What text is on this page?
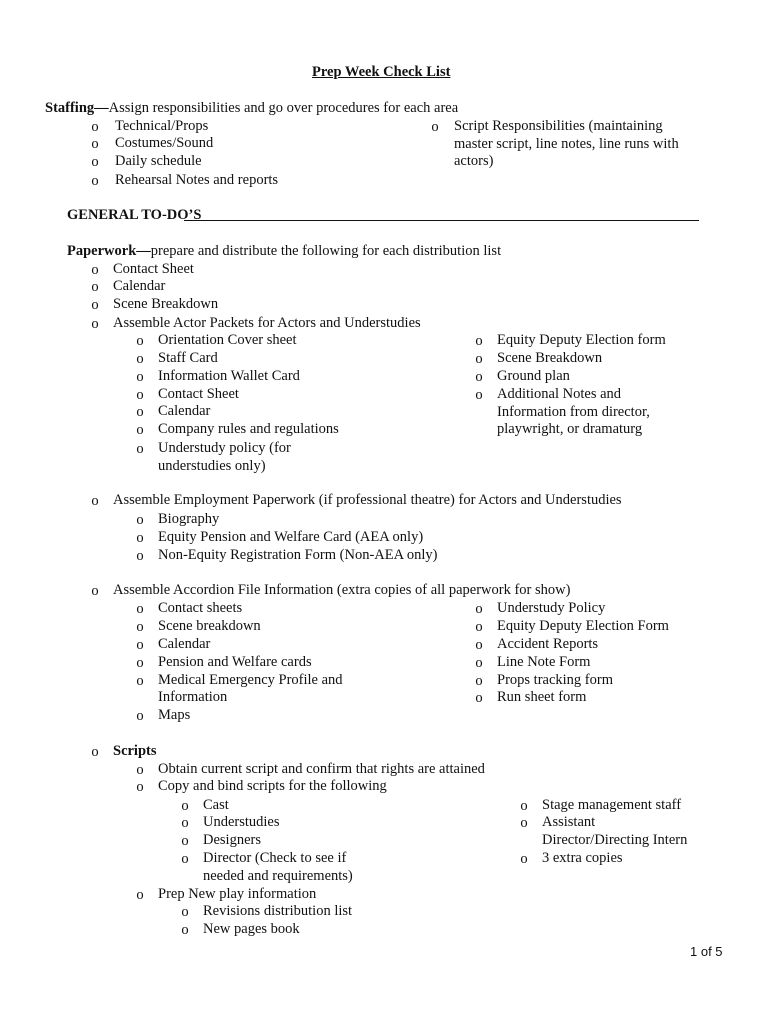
Prep Week Check List
Staffing—Assign responsibilities and go over procedures for each area
o Technical/Props
o Costumes/Sound
o Daily schedule
o Rehearsal Notes and reports
o Script Responsibilities (maintaining
master script, line notes, line runs with
actors)
GENERAL TO-DO’S
Paperwork—prepare and distribute the following for each distribution list
o Contact Sheet
o Calendar
o Scene Breakdown
o Assemble Actor Packets for Actors and Understudies
o Orientation Cover sheet
o Staff Card
o Information Wallet Card
o Contact Sheet
o Calendar
o Company rules and regulations
o Understudy policy (for
understudies only)
o Equity Deputy Election form
o Scene Breakdown
o Ground plan
o Additional Notes and
Information from director,
playwright, or dramaturg
o Assemble Employment Paperwork (if professional theatre) for Actors and Understudies
o Biography
o Equity Pension and Welfare Card (AEA only)
o Non-Equity Registration Form (Non-AEA only)
o Assemble Accordion File Information (extra copies of all paperwork for show)
o Contact sheets
o Scene breakdown
o Calendar
o Pension and Welfare cards
o Medical Emergency Profile and
Information
o Maps
o Understudy Policy
o Equity Deputy Election Form
o Accident Reports
o Line Note Form
o Props tracking form
o Run sheet form
o Scripts
o Obtain current script and confirm that rights are attained
o Copy and bind scripts for the following
o Cast
o Understudies
o Designers
o Director (Check to see if
needed and requirements)
o Stage management staff
o Assistant
Director/Directing Intern
o 3 extra copies
o Prep New play information
o Revisions distribution list
o New pages book
1 of 5
